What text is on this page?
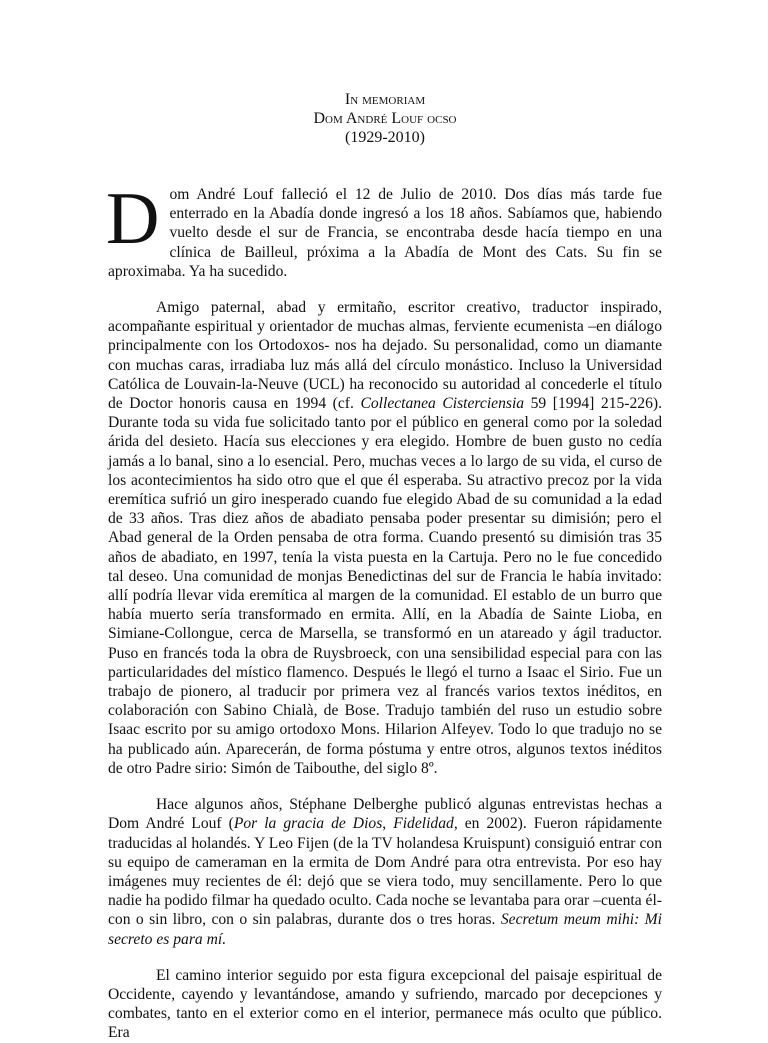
In memoriam
Dom André Louf ocso
(1929-2010)

Dom André Louf falleció el 12 de Julio de 2010. Dos días más tarde fue enterrado en la Abadía donde ingresó a los 18 años. Sabíamos que, habiendo vuelto desde el sur de Francia, se encontraba desde hacía tiempo en una clínica de Bailleul, próxima a la Abadía de Mont des Cats. Su fin se aproximaba. Ya ha sucedido.

Amigo paternal, abad y ermitaño, escritor creativo, traductor inspirado, acompañante espiritual y orientador de muchas almas, ferviente ecumenista –en diálogo principalmente con los Ortodoxos- nos ha dejado. Su personalidad, como un diamante con muchas caras, irradiaba luz más allá del círculo monástico. Incluso la Universidad Católica de Louvain-la-Neuve (UCL) ha reconocido su autoridad al concederle el título de Doctor honoris causa en 1994 (cf. Collectanea Cisterciensia 59 [1994] 215-226). Durante toda su vida fue solicitado tanto por el público en general como por la soledad árida del desieto. Hacía sus elecciones y era elegido. Hombre de buen gusto no cedía jamás a lo banal, sino a lo esencial. Pero, muchas veces a lo largo de su vida, el curso de los acontecimientos ha sido otro que el que él esperaba. Su atractivo precoz por la vida eremítica sufrió un giro inesperado cuando fue elegido Abad de su comunidad a la edad de 33 años. Tras diez años de abadiato pensaba poder presentar su dimisión; pero el Abad general de la Orden pensaba de otra forma. Cuando presentó su dimisión tras 35 años de abadiato, en 1997, tenía la vista puesta en la Cartuja. Pero no le fue concedido tal deseo. Una comunidad de monjas Benedictinas del sur de Francia le había invitado: allí podría llevar vida eremítica al margen de la comunidad. El establo de un burro que había muerto sería transformado en ermita. Allí, en la Abadía de Sainte Lioba, en Simiane-Collongue, cerca de Marsella, se transformó en un atareado y ágil traductor. Puso en francés toda la obra de Ruysbroeck, con una sensibilidad especial para con las particularidades del místico flamenco. Después le llegó el turno a Isaac el Sirio. Fue un trabajo de pionero, al traducir por primera vez al francés varios textos inéditos, en colaboración con Sabino Chialà, de Bose. Tradujo también del ruso un estudio sobre Isaac escrito por su amigo ortodoxo Mons. Hilarion Alfeyev. Todo lo que tradujo no se ha publicado aún. Aparecerán, de forma póstuma y entre otros, algunos textos inéditos de otro Padre sirio: Simón de Taibouthe, del siglo 8º.

Hace algunos años, Stéphane Delberghe publicó algunas entrevistas hechas a Dom André Louf (Por la gracia de Dios, Fidelidad, en 2002). Fueron rápidamente traducidas al holandés. Y Leo Fijen (de la TV holandesa Kruispunt) consiguió entrar con su equipo de cameraman en la ermita de Dom André para otra entrevista. Por eso hay imágenes muy recientes de él: dejó que se viera todo, muy sencillamente. Pero lo que nadie ha podido filmar ha quedado oculto. Cada noche se levantaba para orar –cuenta él- con o sin libro, con o sin palabras, durante dos o tres horas. Secretum meum mihi: Mi secreto es para mí.

El camino interior seguido por esta figura excepcional del paisaje espiritual de Occidente, cayendo y levantándose, amando y sufriendo, marcado por decepciones y combates, tanto en el exterior como en el interior, permanece más oculto que público. Era
